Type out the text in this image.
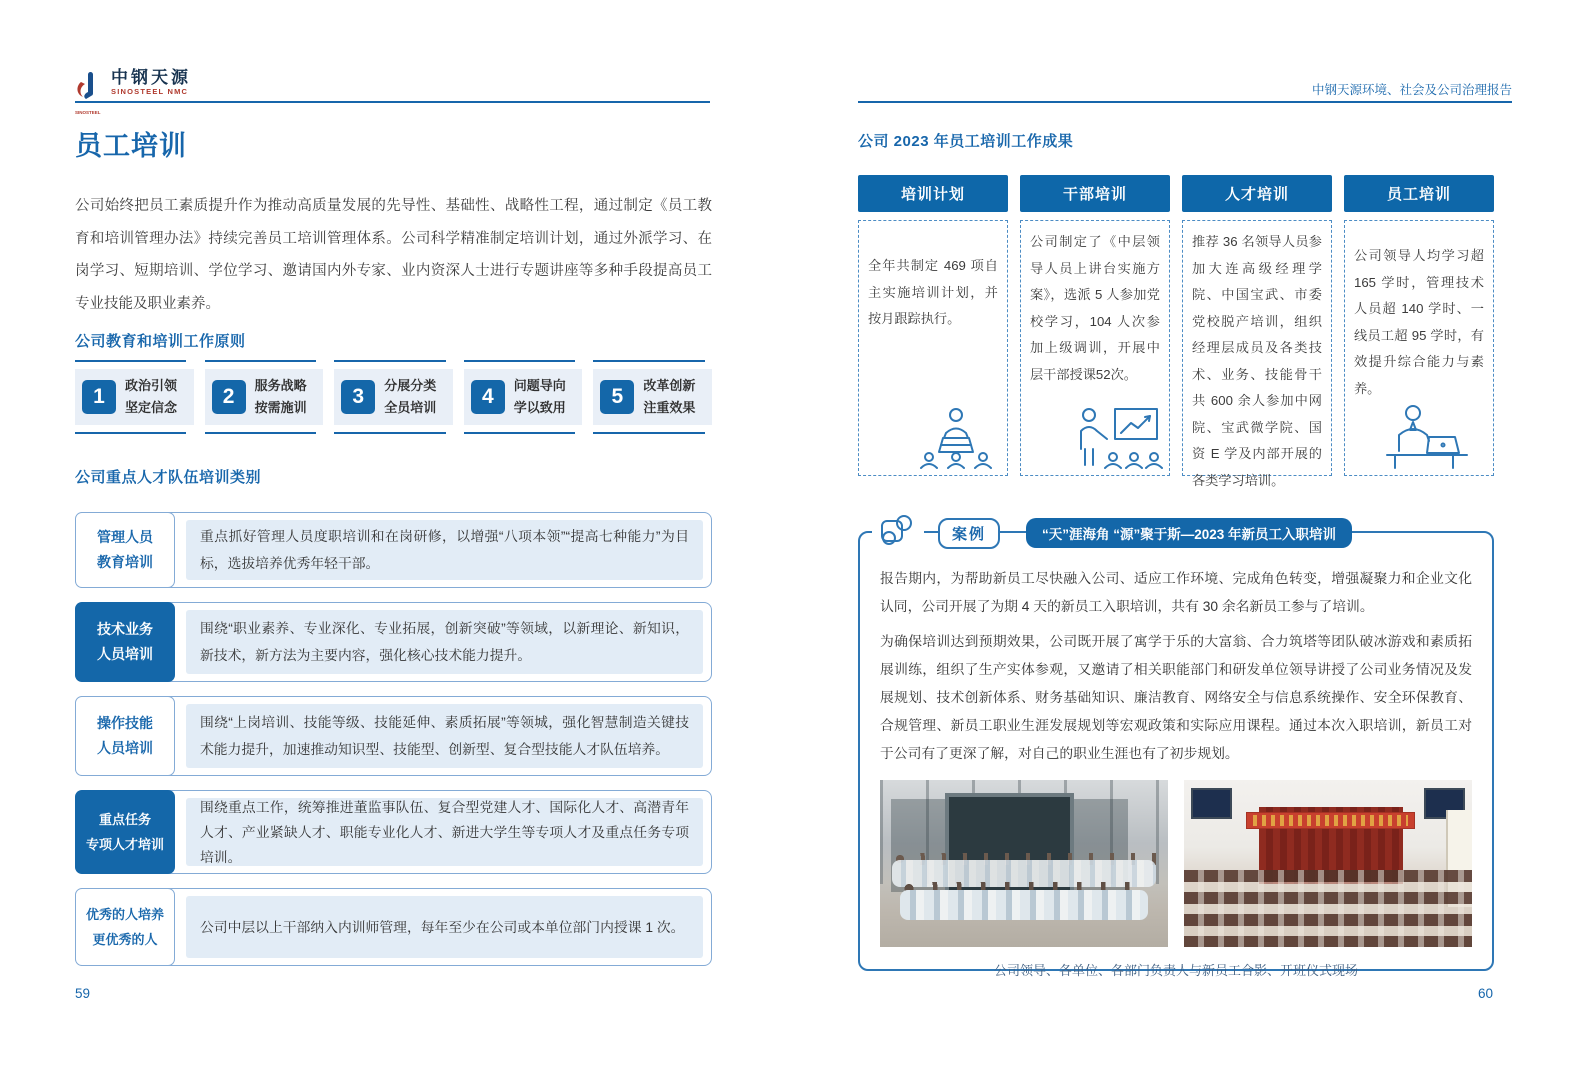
SINOSTEEL
中钢天源
SINOSTEEL NMC	中钢天源环境、社会及公司治理报告
员工培训
公司始终把员工素质提升作为推动高质量发展的先导性、基础性、战略性工程，通过制定《员工教育和培训管理办法》持续完善员工培训管理体系。公司科学精准制定培训计划，通过外派学习、在岗学习、短期培训、学位学习、邀请国内外专家、业内资深人士进行专题讲座等多种手段提高员工专业技能及职业素养。
公司教育和培训工作原则
1	政治引领
坚定信念	2	服务战略
按需施训	3	分展分类
全员培训	4	问题导向
学以致用	5	改革创新
注重效果
公司重点人才队伍培训类别
管理人员
教育培训
重点抓好管理人员度职培训和在岗研修，以增强“八项本领”“提高七种能力”为目标，选拔培养优秀年轻干部。
技术业务
人员培训
围绕“职业素养、专业深化、专业拓展，创新突破”等领域，以新理论、新知识，新技术，新方法为主要内容，强化核心技术能力提升。
操作技能
人员培训
围绕“上岗培训、技能等级、技能延伸、素质拓展”等领城，强化智慧制造关键技术能力提升，加速推动知识型、技能型、创新型、复合型技能人才队伍培养。
重点任务
专项人才培训
围绕重点工作，统筹推进董监事队伍、复合型党建人才、国际化人才、高潜青年人才、产业紧缺人才、职能专业化人才、新进大学生等专项人才及重点任务专项培训。
优秀的人培养
更优秀的人
公司中层以上干部纳入内训师管理，每年至少在公司或本单位部门内授课 1 次。
59
公司 2023 年员工培训工作成果
培训计划
全年共制定 469 项自主实施培训计划，并按月跟踪执行。
干部培训
公司制定了《中层领导人员上讲台实施方案》，选派 5 人参加党校学习，104 人次参加上级调训，开展中层干部授课52次。
人才培训
推荐 36 名领导人员参加大连高级经理学院、中国宝武、市委党校脱产培训，组织经理层成员及各类技术、业务、技能骨干共 600 余人参加中网院、宝武微学院、国资 E 学及内部开展的各类学习培训。
员工培训
公司领导人均学习超 165 学时，管理技术人员超 140 学时、一线员工超 95 学时，有效提升综合能力与素养。
案例	“天”涯海角 “源”聚于斯—2023 年新员工入职培训
报告期内，为帮助新员工尽快融入公司、适应工作环境、完成角色转变，增强凝聚力和企业文化认同，公司开展了为期 4 天的新员工入职培训，共有 30 余名新员工参与了培训。
为确保培训达到预期效果，公司既开展了寓学于乐的大富翁、合力筑塔等团队破冰游戏和素质拓展训练，组织了生产实体参观，又邀请了相关职能部门和研发单位领导讲授了公司业务情况及发展规划、技术创新体系、财务基础知识、廉洁教育、网络安全与信息系统操作、安全环保教育、合规管理、新员工职业生涯发展规划等宏观政策和实际应用课程。通过本次入职培训，新员工对于公司有了更深了解，对自己的职业生涯也有了初步规划。
公司领导、各单位、各部门负责人与新员工合影、开班仪式现场
60
